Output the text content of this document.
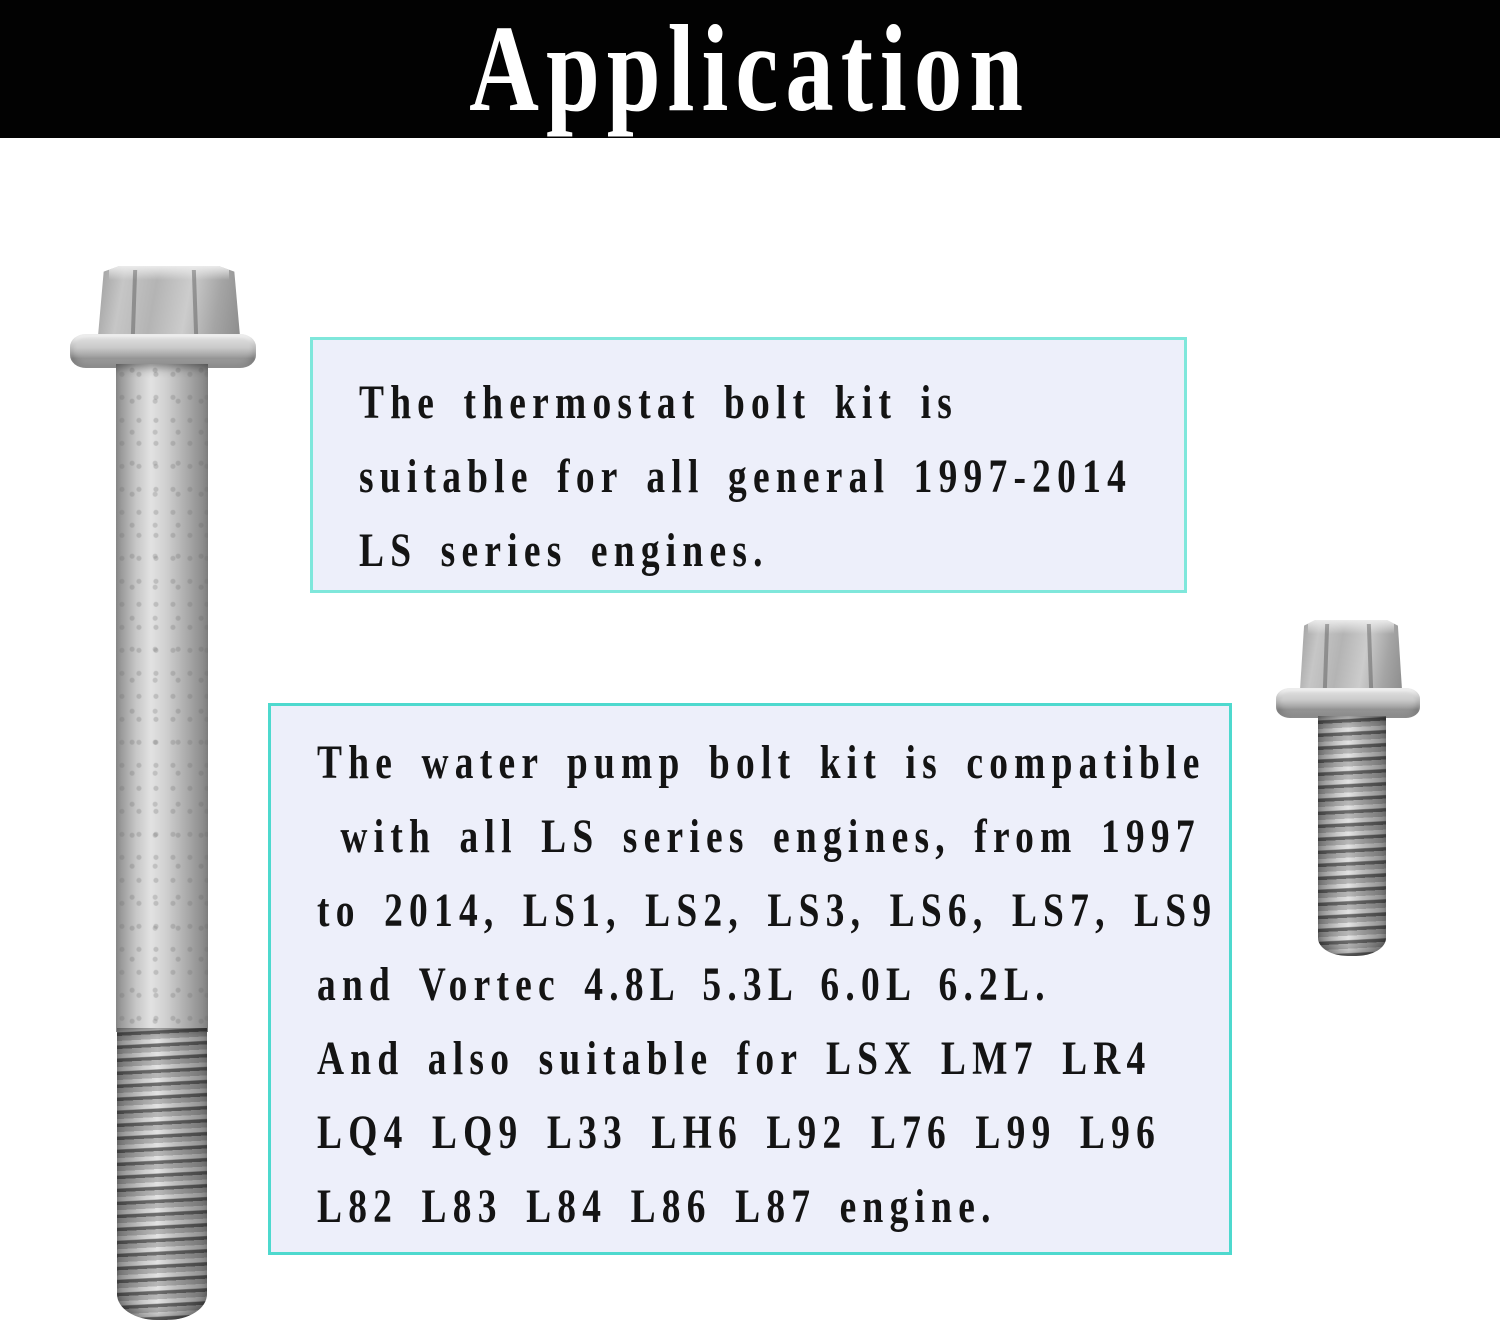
Application

The thermostat bolt kit is

suitable for all general 1997-2014

LS series engines.

The water pump bolt kit is compatible

with all LS series engines, from 1997

to 2014, LS1, LS2, LS3, LS6, LS7, LS9

and Vortec 4.8L 5.3L 6.0L 6.2L.

And also suitable for LSX LM7 LR4

LQ4 LQ9 L33 LH6 L92 L76 L99 L96

L82 L83 L84 L86 L87 engine.
